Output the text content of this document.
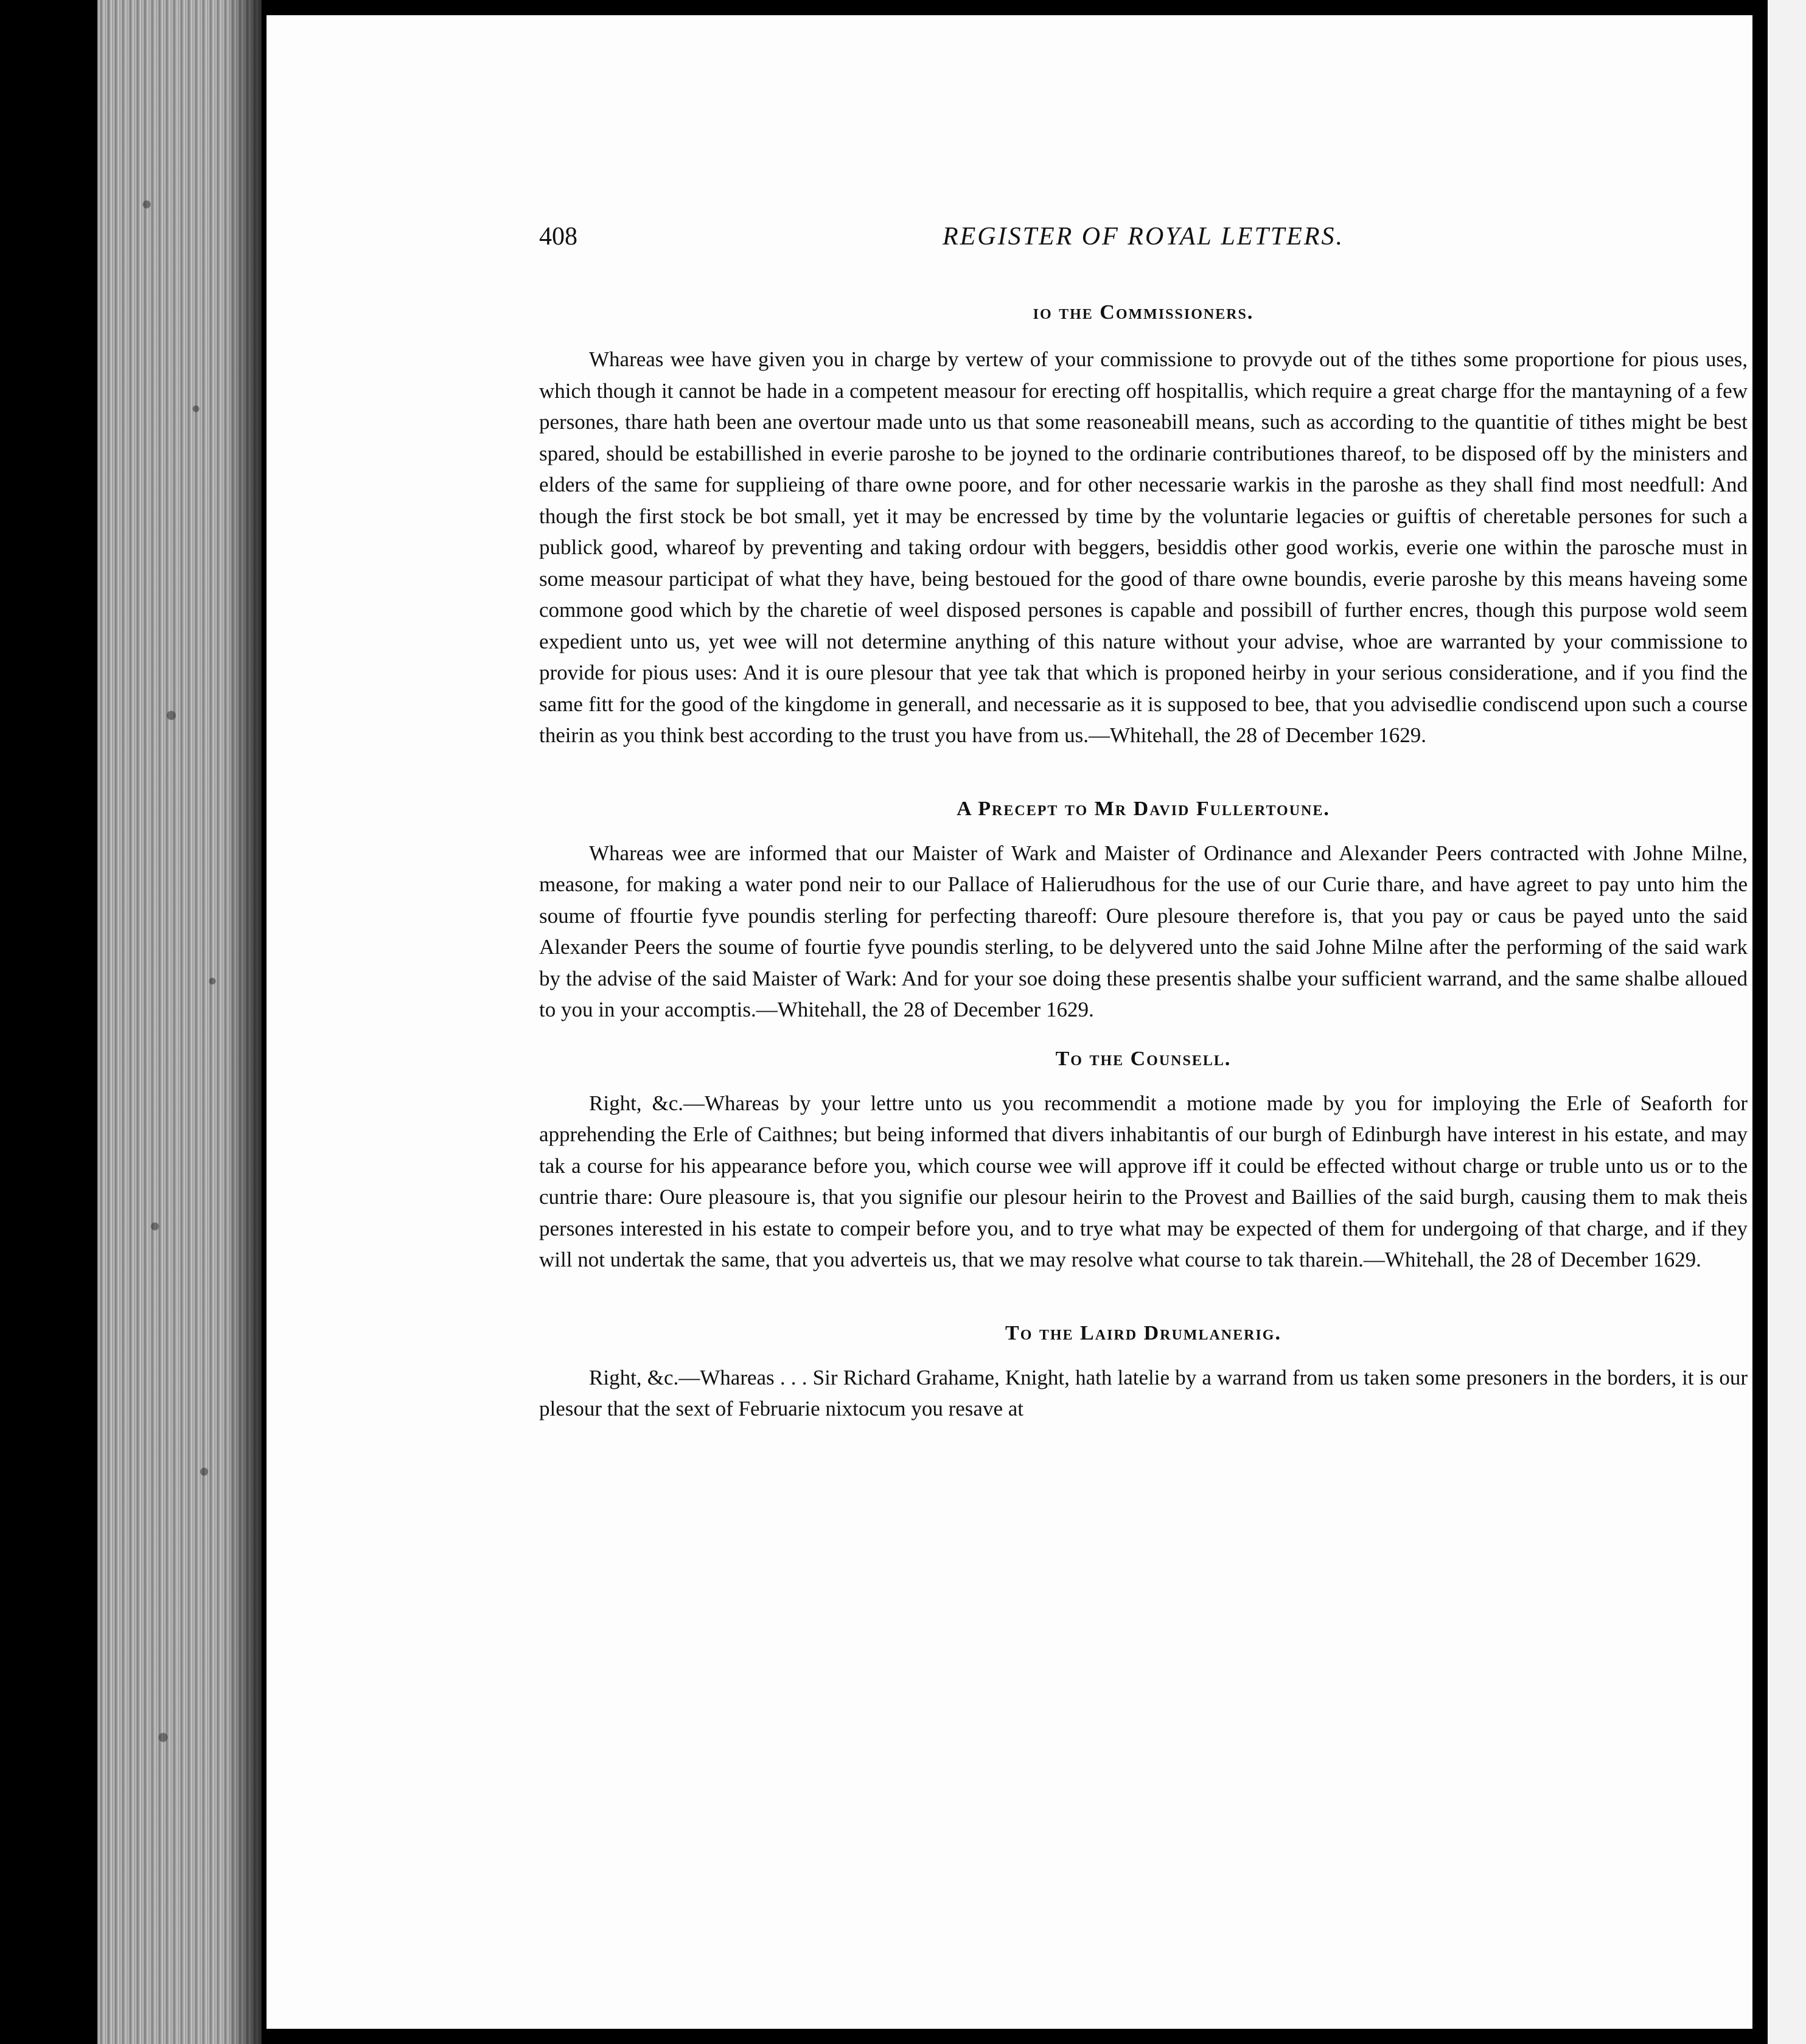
408	REGISTER OF ROYAL LETTERS.
ıo the Commissioners.

Whareas wee have given you in charge by vertew of your commissione to provyde out of the tithes some proportione for pious uses, which though it cannot be hade in a competent measour for erecting off hospitallis, which require a great charge ffor the mantayning of a few persones, thare hath been ane overtour made unto us that some reasoneabill means, such as according to the quantitie of tithes might be best spared, should be estabillished in everie paroshe to be joyned to the ordinarie contributiones thareof, to be disposed off by the ministers and elders of the same for supplieing of thare owne poore, and for other necessarie warkis in the paroshe as they shall find most needfull: And though the first stock be bot small, yet it may be encressed by time by the voluntarie legacies or guiftis of cheretable persones for such a publick good, whareof by preventing and taking ordour with beggers, besiddis other good workis, everie one within the parosche must in some measour participat of what they have, being bestoued for the good of thare owne boundis, everie paroshe by this means haveing some commone good which by the charetie of weel disposed persones is capable and possibill of further encres, though this purpose wold seem expedient unto us, yet wee will not determine anything of this nature without your advise, whoe are warranted by your commissione to provide for pious uses: And it is oure plesour that yee tak that which is proponed heirby in your serious consideratione, and if you find the same fitt for the good of the kingdome in generall, and necessarie as it is supposed to bee, that you advisedlie condiscend upon such a course theirin as you think best according to the trust you have from us.—Whitehall, the 28 of December 1629.

A Precept to Mr David Fullertoune.

Whareas wee are informed that our Maister of Wark and Maister of Ordinance and Alexander Peers contracted with Johne Milne, measone, for making a water pond neir to our Pallace of Halierudhous for the use of our Curie thare, and have agreet to pay unto him the soume of ffourtie fyve poundis sterling for perfecting thareoff: Oure plesoure therefore is, that you pay or caus be payed unto the said Alexander Peers the soume of fourtie fyve poundis sterling, to be delyvered unto the said Johne Milne after the performing of the said wark by the advise of the said Maister of Wark: And for your soe doing these presentis shalbe your sufficient warrand, and the same shalbe alloued to you in your accomptis.—Whitehall, the 28 of December 1629.

To the Counsell.

Right, &c.—Whareas by your lettre unto us you recommendit a motione made by you for imploying the Erle of Seaforth for apprehending the Erle of Caithnes; but being informed that divers inhabitantis of our burgh of Edinburgh have interest in his estate, and may tak a course for his appearance before you, which course wee will approve iff it could be effected without charge or truble unto us or to the cuntrie thare: Oure pleasoure is, that you signifie our plesour heirin to the Provest and Baillies of the said burgh, causing them to mak theis persones interested in his estate to compeir before you, and to trye what may be expected of them for undergoing of that charge, and if they will not undertak the same, that you adverteis us, that we may resolve what course to tak tharein.—Whitehall, the 28 of December 1629.

To the Laird Drumlanerig.

Right, &c.—Whareas . . . Sir Richard Grahame, Knight, hath latelie by a warrand from us taken some presoners in the borders, it is our plesour that the sext of Februarie nixtocum you resave at
